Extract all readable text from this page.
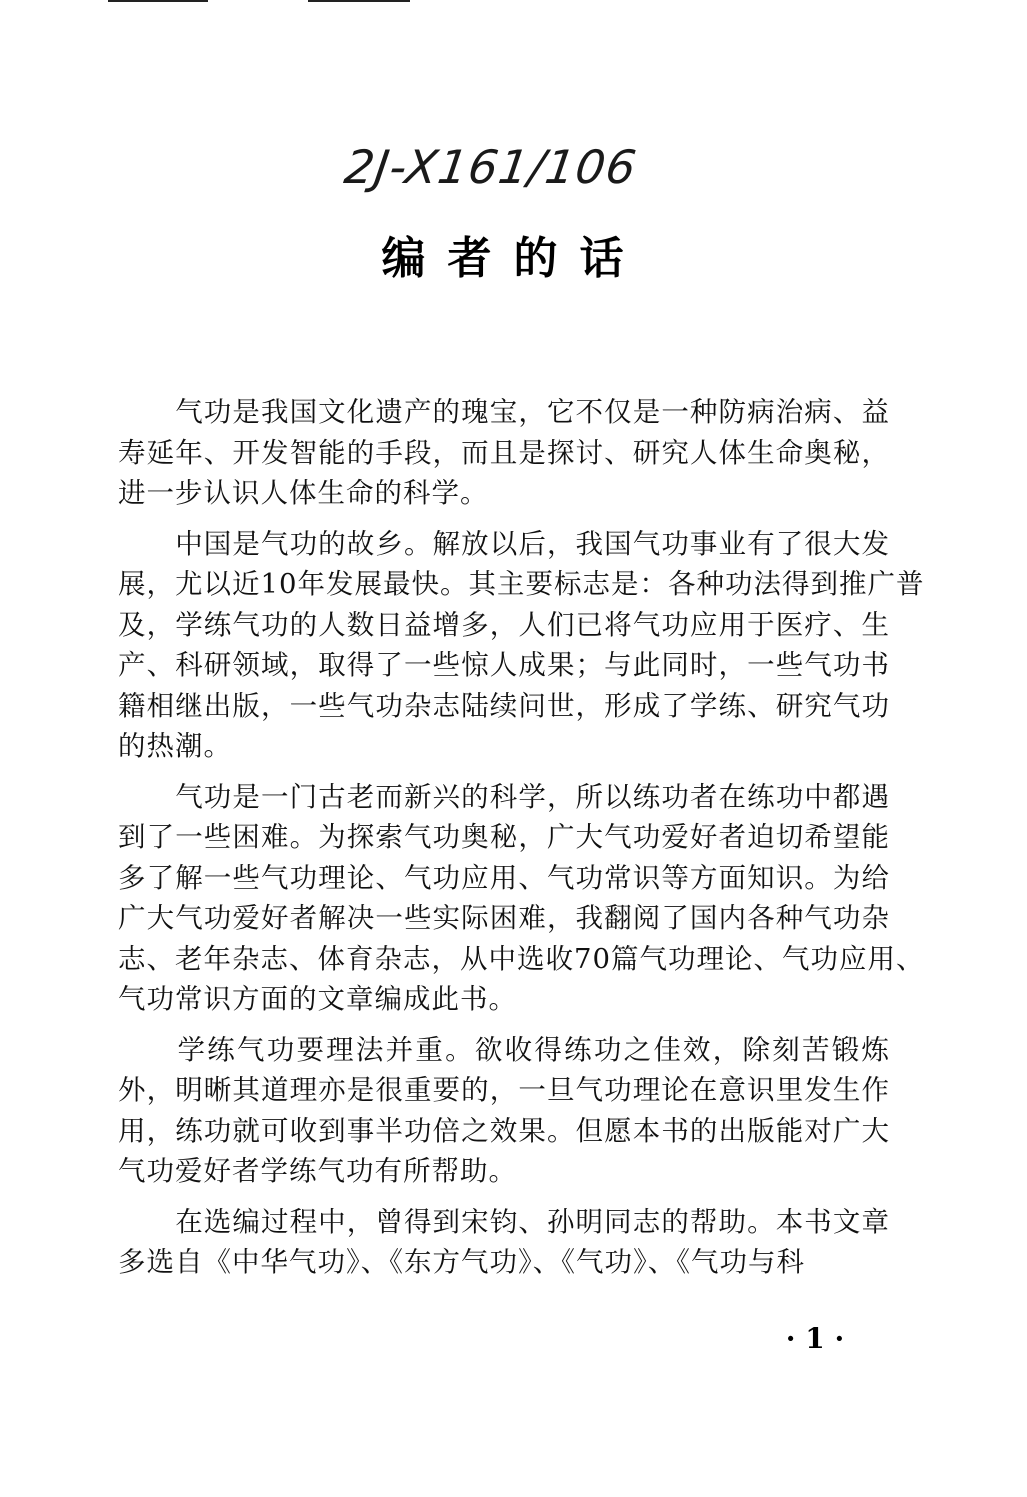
2J-X161/106
编者的话
　　气功是我国文化遗产的瑰宝，它不仅是一种防病治病、益
寿延年、开发智能的手段，而且是探讨、研究人体生命奥秘，
进一步认识人体生命的科学。
　　中国是气功的故乡。解放以后，我国气功事业有了很大发
展，尤以近10年发展最快。其主要标志是：各种功法得到推广普
及，学练气功的人数日益增多，人们已将气功应用于医疗、生
产、科研领域，取得了一些惊人成果；与此同时，一些气功书
籍相继出版，一些气功杂志陆续问世，形成了学练、研究气功
的热潮。
　　气功是一门古老而新兴的科学，所以练功者在练功中都遇
到了一些困难。为探索气功奥秘，广大气功爱好者迫切希望能
多了解一些气功理论、气功应用、气功常识等方面知识。为给
广大气功爱好者解决一些实际困难，我翻阅了国内各种气功杂
志、老年杂志、体育杂志，从中选收70篇气功理论、气功应用、
气功常识方面的文章编成此书。
　　学练气功要理法并重。欲收得练功之佳效，除刻苦锻炼
外，明晰其道理亦是很重要的，一旦气功理论在意识里发生作
用，练功就可收到事半功倍之效果。但愿本书的出版能对广大
气功爱好者学练气功有所帮助。
　　在选编过程中，曾得到宋钧、孙明同志的帮助。本书文章
多选自《中华气功》、《东方气功》、《气功》、《气功与科
· 1 ·
